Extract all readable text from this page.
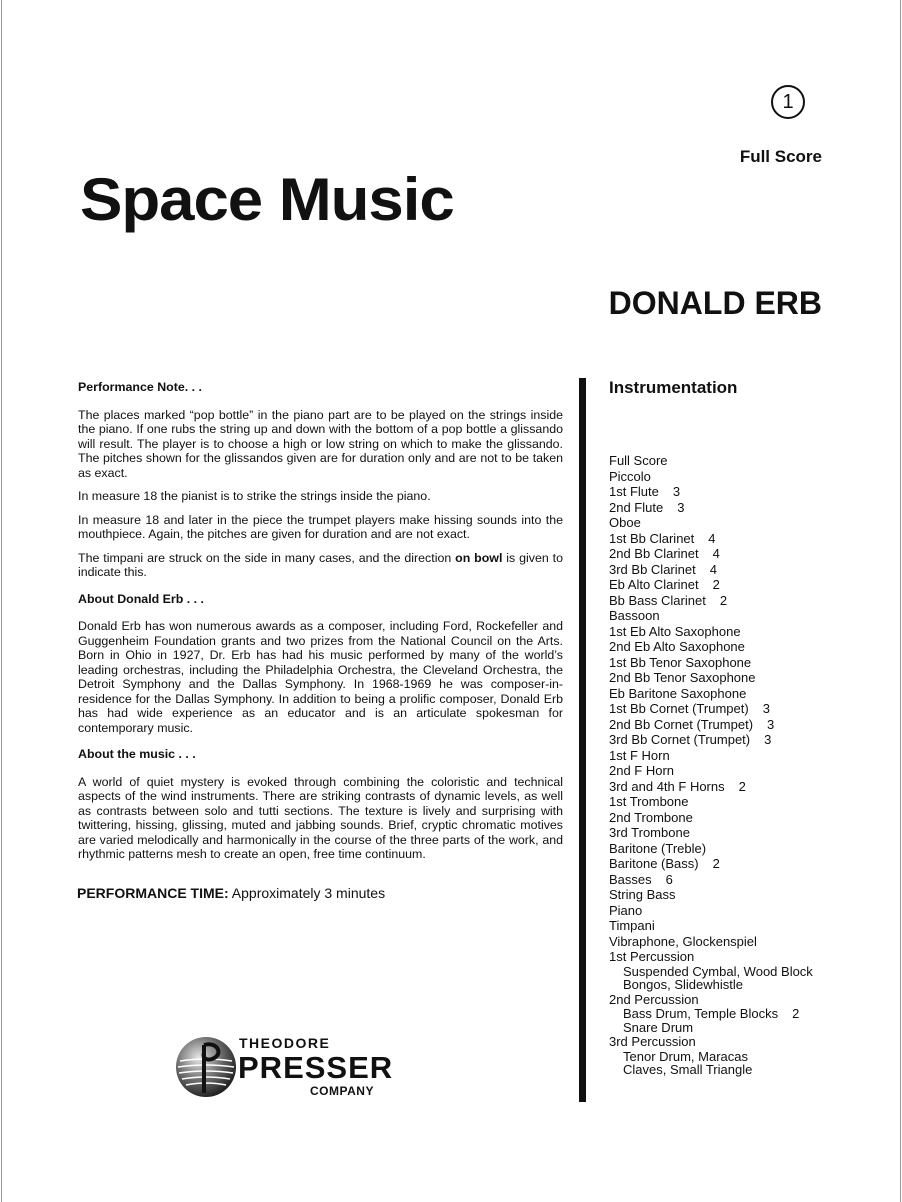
1
Full Score
Space Music
DONALD ERB
Performance Note. . .

The places marked “pop bottle” in the piano part are to be played on the strings inside the piano. If one rubs the string up and down with the bottom of a pop bottle a glissando will result. The player is to choose a high or low string on which to make the glissando. The pitches shown for the glissandos given are for duration only and are not to be taken as exact.

In measure 18 the pianist is to strike the strings inside the piano.

In measure 18 and later in the piece the trumpet players make hissing sounds into the mouthpiece. Again, the pitches are given for duration and are not exact.

The timpani are struck on the side in many cases, and the direction on bowl is given to indicate this.

About Donald Erb . . .

Donald Erb has won numerous awards as a composer, including Ford, Rockefeller and Guggenheim Foundation grants and two prizes from the National Council on the Arts. Born in Ohio in 1927, Dr. Erb has had his music performed by many of the world’s leading orchestras, including the Philadelphia Orchestra, the Cleveland Orchestra, the Detroit Symphony and the Dallas Symphony. In 1968-1969 he was composer-in-residence for the Dallas Symphony. In addition to being a prolific composer, Donald Erb has had wide experience as an educator and is an articulate spokesman for contemporary music.

About the music . . .

A world of quiet mystery is evoked through combining the coloristic and technical aspects of the wind instruments. There are striking contrasts of dynamic levels, as well as contrasts between solo and tutti sections. The texture is lively and surprising with twittering, hissing, glissing, muted and jabbing sounds. Brief, cryptic chromatic motives are varied melodically and harmonically in the course of the three parts of the work, and rhythmic patterns mesh to create an open, free time continuum.

PERFORMANCE TIME: Approximately 3 minutes
Instrumentation
Full Score
Piccolo
1st Flute 3
2nd Flute 3
Oboe
1st Bb Clarinet 4
2nd Bb Clarinet 4
3rd Bb Clarinet 4
Eb Alto Clarinet 2
Bb Bass Clarinet 2
Bassoon
1st Eb Alto Saxophone
2nd Eb Alto Saxophone
1st Bb Tenor Saxophone
2nd Bb Tenor Saxophone
Eb Baritone Saxophone
1st Bb Cornet (Trumpet) 3
2nd Bb Cornet (Trumpet) 3
3rd Bb Cornet (Trumpet) 3
1st F Horn
2nd F Horn
3rd and 4th F Horns 2
1st Trombone
2nd Trombone
3rd Trombone
Baritone (Treble)
Baritone (Bass) 2
Basses 6
String Bass
Piano
Timpani
Vibraphone, Glockenspiel
1st Percussion
Suspended Cymbal, Wood Block
Bongos, Slidewhistle
2nd Percussion
Bass Drum, Temple Blocks 2
Snare Drum
3rd Percussion
Tenor Drum, Maracas
Claves, Small Triangle
THEODORE
PRESSER
COMPANY
